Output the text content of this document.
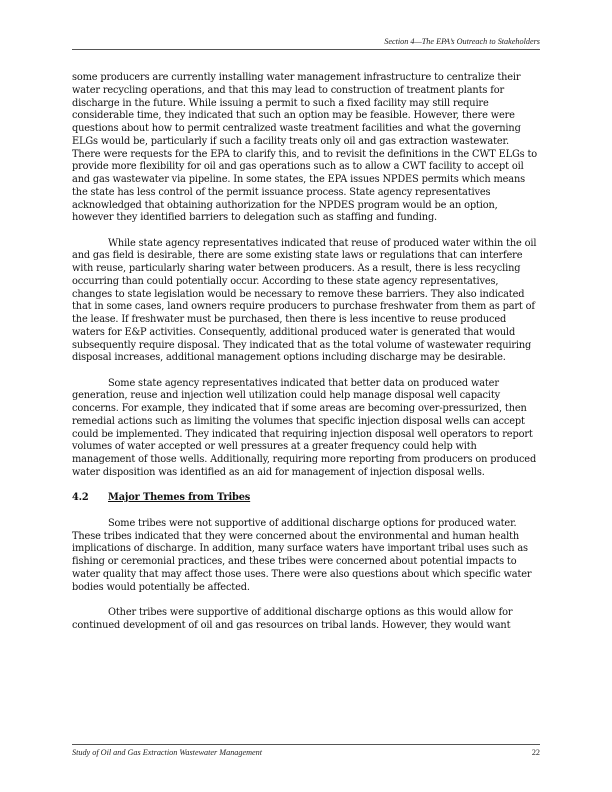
Section 4—The EPA’s Outreach to Stakeholders

some producers are currently installing water management infrastructure to centralize their water recycling operations, and that this may lead to construction of treatment plants for discharge in the future. While issuing a permit to such a fixed facility may still require considerable time, they indicated that such an option may be feasible. However, there were questions about how to permit centralized waste treatment facilities and what the governing ELGs would be, particularly if such a facility treats only oil and gas extraction wastewater. There were requests for the EPA to clarify this, and to revisit the definitions in the CWT ELGs to provide more flexibility for oil and gas operations such as to allow a CWT facility to accept oil and gas wastewater via pipeline. In some states, the EPA issues NPDES permits which means the state has less control of the permit issuance process. State agency representatives acknowledged that obtaining authorization for the NPDES program would be an option, however they identified barriers to delegation such as staffing and funding.

While state agency representatives indicated that reuse of produced water within the oil and gas field is desirable, there are some existing state laws or regulations that can interfere with reuse, particularly sharing water between producers. As a result, there is less recycling occurring than could potentially occur. According to these state agency representatives, changes to state legislation would be necessary to remove these barriers. They also indicated that in some cases, land owners require producers to purchase freshwater from them as part of the lease. If freshwater must be purchased, then there is less incentive to reuse produced waters for E&P activities. Consequently, additional produced water is generated that would subsequently require disposal. They indicated that as the total volume of wastewater requiring disposal increases, additional management options including discharge may be desirable.

Some state agency representatives indicated that better data on produced water generation, reuse and injection well utilization could help manage disposal well capacity concerns. For example, they indicated that if some areas are becoming over-pressurized, then remedial actions such as limiting the volumes that specific injection disposal wells can accept could be implemented. They indicated that requiring injection disposal well operators to report volumes of water accepted or well pressures at a greater frequency could help with management of those wells. Additionally, requiring more reporting from producers on produced water disposition was identified as an aid for management of injection disposal wells.

4.2 Major Themes from Tribes

Some tribes were not supportive of additional discharge options for produced water. These tribes indicated that they were concerned about the environmental and human health implications of discharge. In addition, many surface waters have important tribal uses such as fishing or ceremonial practices, and these tribes were concerned about potential impacts to water quality that may affect those uses. There were also questions about which specific water bodies would potentially be affected.

Other tribes were supportive of additional discharge options as this would allow for continued development of oil and gas resources on tribal lands. However, they would want

Study of Oil and Gas Extraction Wastewater Management	22
